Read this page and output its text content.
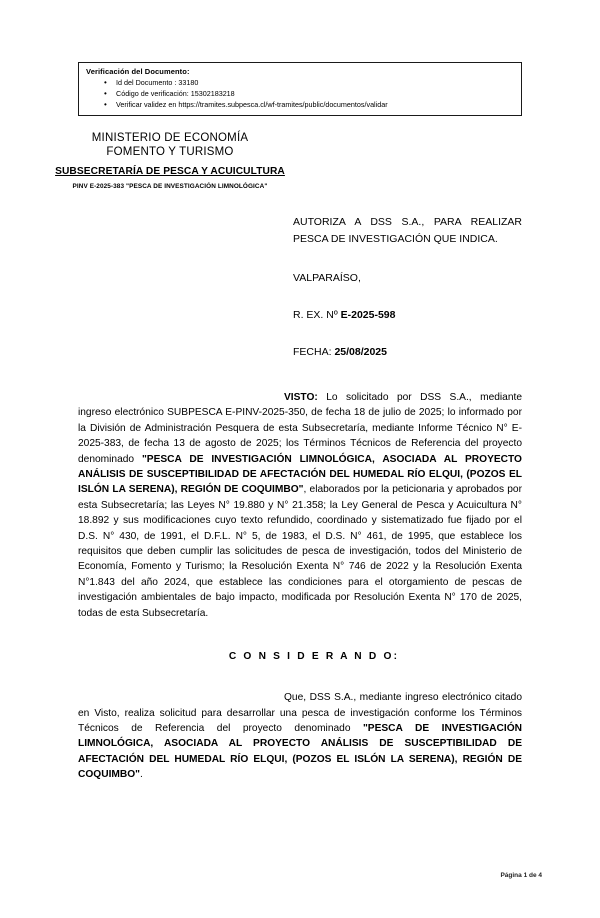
Verificación del Documento:
• Id del Documento : 33180
• Código de verificación: 15302183218
• Verificar validez en https://tramites.subpesca.cl/wf-tramites/public/documentos/validar
MINISTERIO DE ECONOMÍA
FOMENTO Y TURISMO
SUBSECRETARÍA DE PESCA Y ACUICULTURA
PINV E-2025-383 "PESCA DE INVESTIGACIÓN LIMNOLÓGICA"
AUTORIZA A DSS S.A., PARA REALIZAR PESCA DE INVESTIGACIÓN QUE INDICA.
VALPARAÍSO,
R. EX. Nº E-2025-598
FECHA: 25/08/2025

VISTO: Lo solicitado por DSS S.A., mediante ingreso electrónico SUBPESCA E-PINV-2025-350, de fecha 18 de julio de 2025; lo informado por la División de Administración Pesquera de esta Subsecretaría, mediante Informe Técnico N° E-2025-383, de fecha 13 de agosto de 2025; los Términos Técnicos de Referencia del proyecto denominado "PESCA DE INVESTIGACIÓN LIMNOLÓGICA, ASOCIADA AL PROYECTO ANÁLISIS DE SUSCEPTIBILIDAD DE AFECTACIÓN DEL HUMEDAL RÍO ELQUI, (POZOS EL ISLÓN LA SERENA), REGIÓN DE COQUIMBO", elaborados por la peticionaria y aprobados por esta Subsecretaría; las Leyes N° 19.880 y N° 21.358; la Ley General de Pesca y Acuicultura N° 18.892 y sus modificaciones cuyo texto refundido, coordinado y sistematizado fue fijado por el D.S. N° 430, de 1991, el D.F.L. N° 5, de 1983, el D.S. N° 461, de 1995, que establece los requisitos que deben cumplir las solicitudes de pesca de investigación, todos del Ministerio de Economía, Fomento y Turismo; la Resolución Exenta N° 746 de 2022 y la Resolución Exenta N°1.843 del año 2024, que establece las condiciones para el otorgamiento de pescas de investigación ambientales de bajo impacto, modificada por Resolución Exenta N° 170 de 2025, todas de esta Subsecretaría.

C O N S I D E R A N D O:

Que, DSS S.A., mediante ingreso electrónico citado en Visto, realiza solicitud para desarrollar una pesca de investigación conforme los Términos Técnicos de Referencia del proyecto denominado "PESCA DE INVESTIGACIÓN LIMNOLÓGICA, ASOCIADA AL PROYECTO ANÁLISIS DE SUSCEPTIBILIDAD DE AFECTACIÓN DEL HUMEDAL RÍO ELQUI, (POZOS EL ISLÓN LA SERENA), REGIÓN DE COQUIMBO".

Página 1 de 4
